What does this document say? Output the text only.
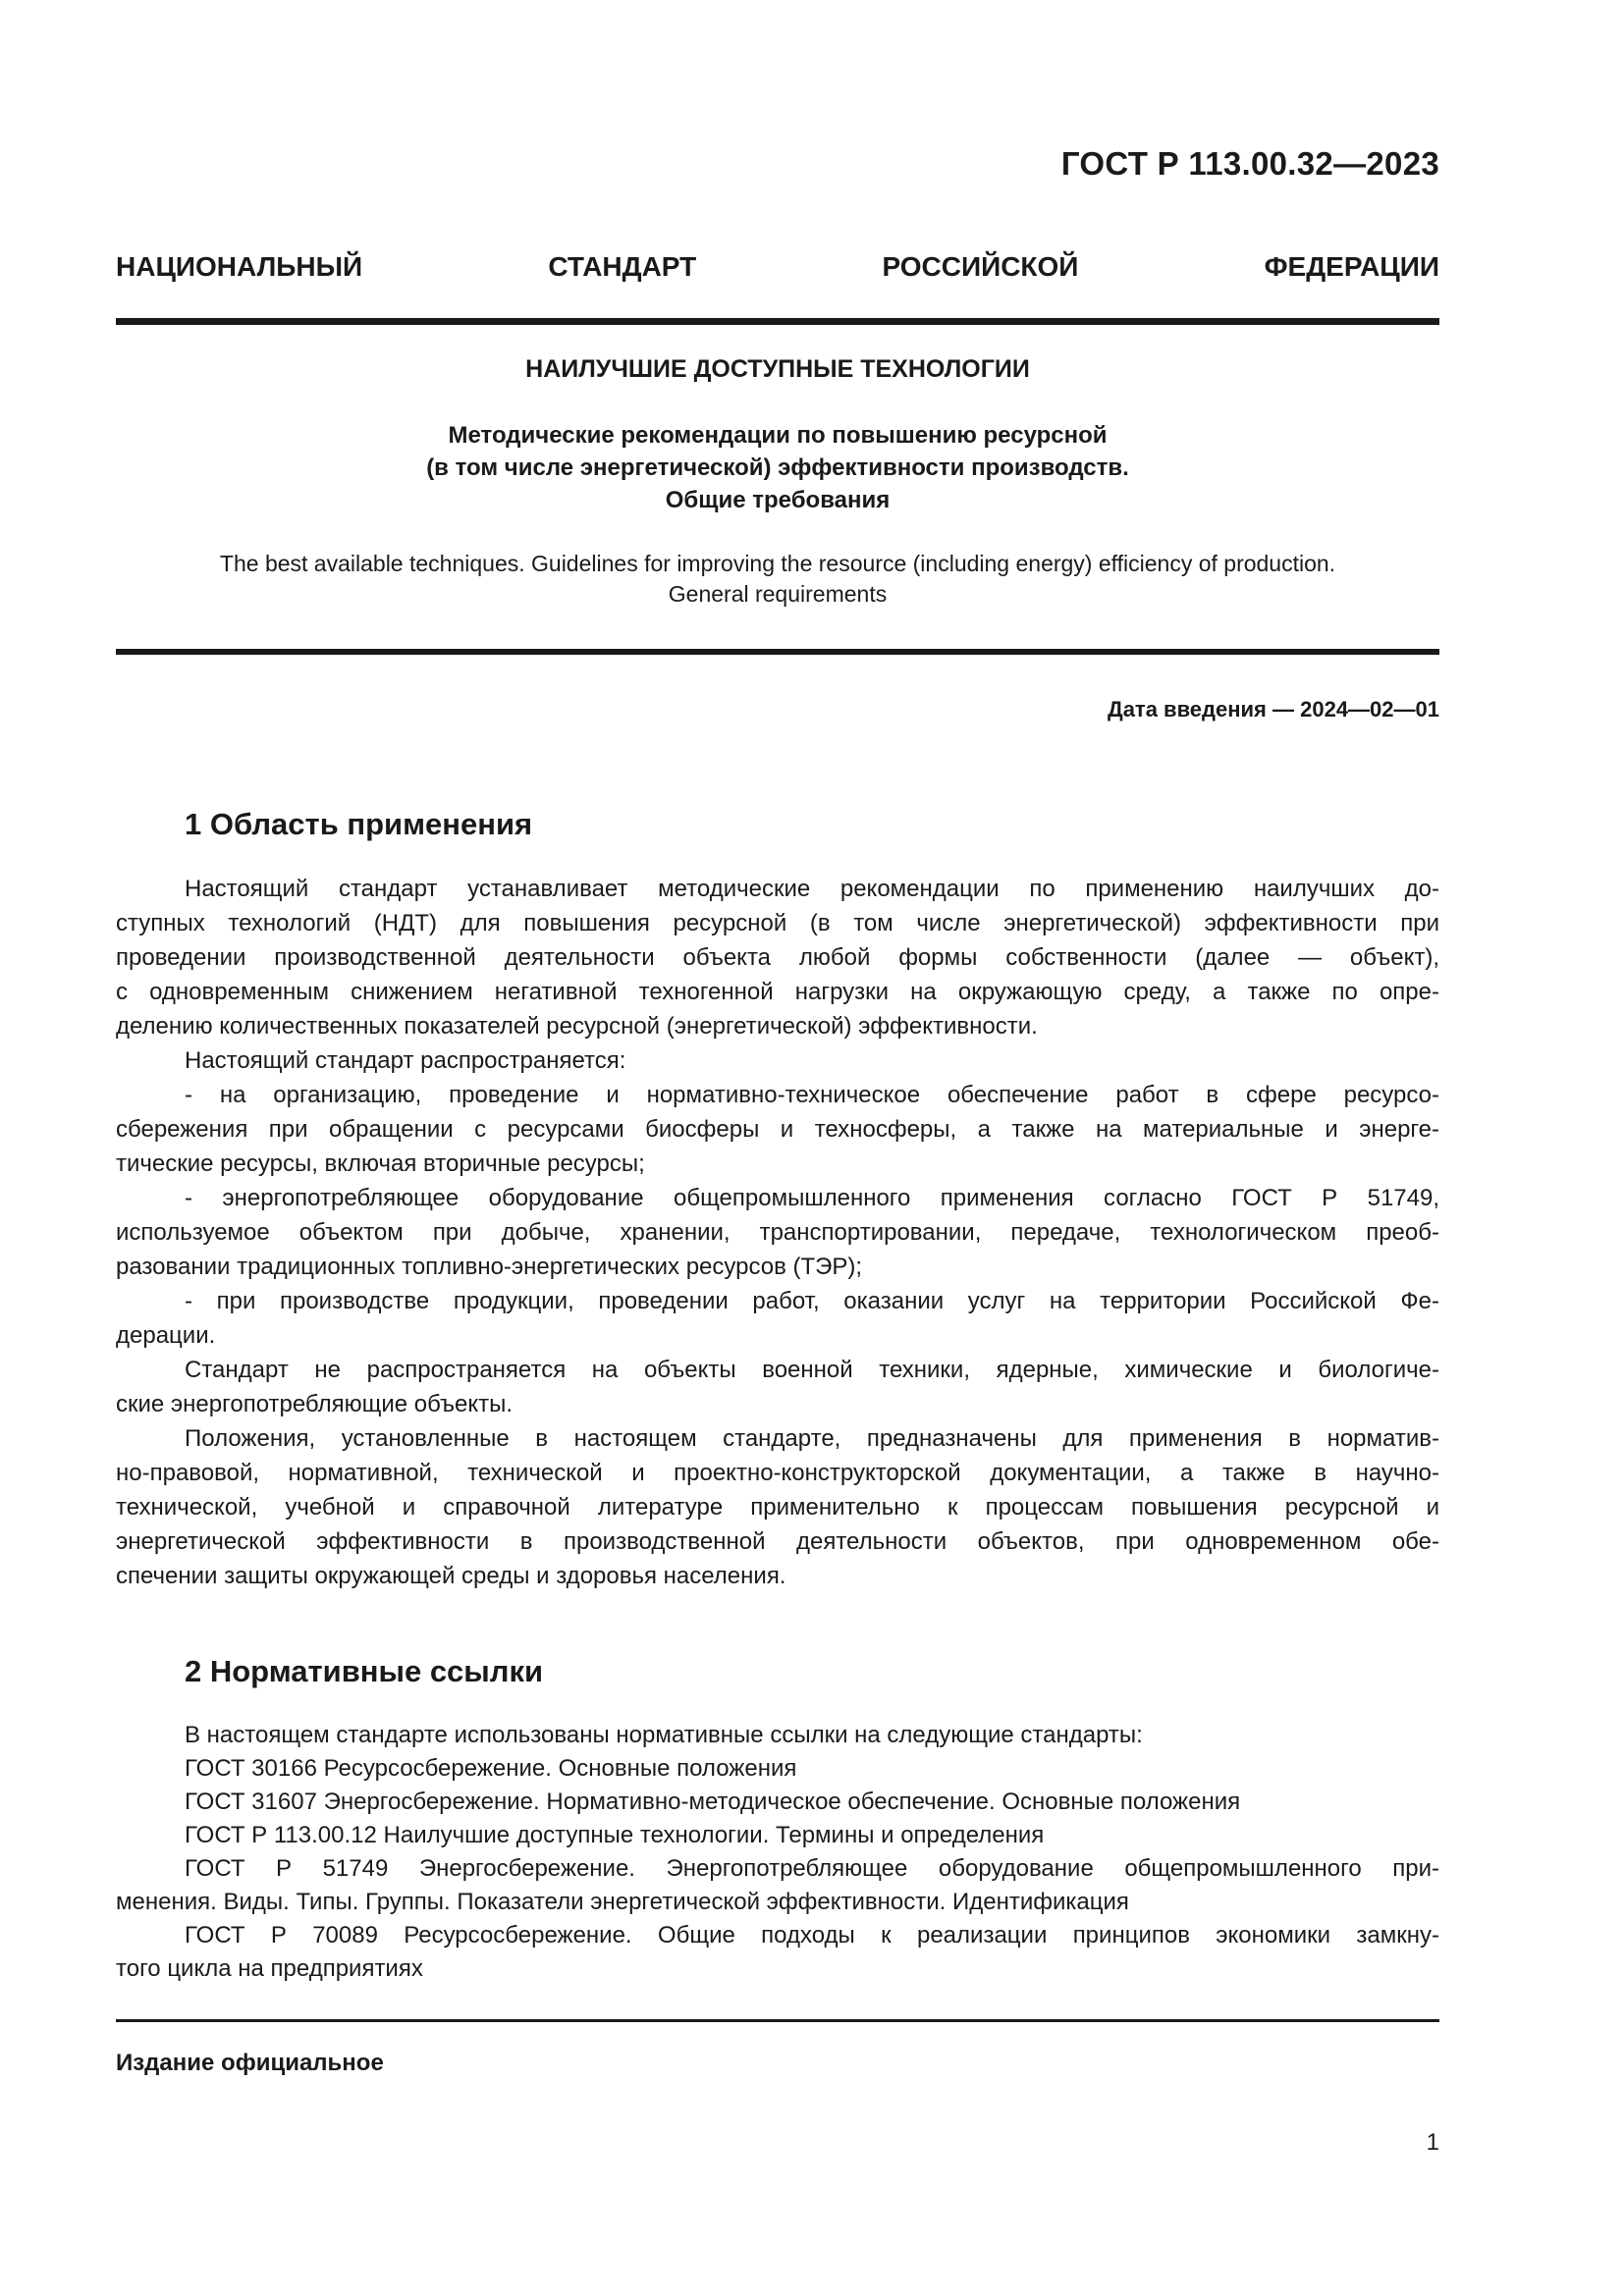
ГОСТ Р 113.00.32—2023
НАЦИОНАЛЬНЫЙ СТАНДАРТ РОССИЙСКОЙ ФЕДЕРАЦИИ
НАИЛУЧШИЕ ДОСТУПНЫЕ ТЕХНОЛОГИИ
Методические рекомендации по повышению ресурсной
(в том числе энергетической) эффективности производств.
Общие требования
The best available techniques. Guidelines for improving the resource (including energy) efficiency of production.
General requirements
Дата введения — 2024—02—01
1 Область применения
Настоящий стандарт устанавливает методические рекомендации по применению наилучших до-
ступных технологий (НДТ) для повышения ресурсной (в том числе энергетической) эффективности при
проведении производственной деятельности объекта любой формы собственности (далее — объект),
с одновременным снижением негативной техногенной нагрузки на окружающую среду, а также по опре-
делению количественных показателей ресурсной (энергетической) эффективности.
Настоящий стандарт распространяется:
- на организацию, проведение и нормативно-техническое обеспечение работ в сфере ресурсо-
сбережения при обращении с ресурсами биосферы и техносферы, а также на материальные и энерге-
тические ресурсы, включая вторичные ресурсы;
- энергопотребляющее оборудование общепромышленного применения согласно ГОСТ Р 51749,
используемое объектом при добыче, хранении, транспортировании, передаче, технологическом преоб-
разовании традиционных топливно-энергетических ресурсов (ТЭР);
- при производстве продукции, проведении работ, оказании услуг на территории Российской Фе-
дерации.
Стандарт не распространяется на объекты военной техники, ядерные, химические и биологиче-
ские энергопотребляющие объекты.
Положения, установленные в настоящем стандарте, предназначены для применения в норматив-
но-правовой, нормативной, технической и проектно-конструкторской документации, а также в научно-
технической, учебной и справочной литературе применительно к процессам повышения ресурсной и
энергетической эффективности в производственной деятельности объектов, при одновременном обе-
спечении защиты окружающей среды и здоровья населения.
2 Нормативные ссылки
В настоящем стандарте использованы нормативные ссылки на следующие стандарты:
ГОСТ 30166 Ресурсосбережение. Основные положения
ГОСТ 31607 Энергосбережение. Нормативно-методическое обеспечение. Основные положения
ГОСТ Р 113.00.12 Наилучшие доступные технологии. Термины и определения
ГОСТ Р 51749 Энергосбережение. Энергопотребляющее оборудование общепромышленного при-
менения. Виды. Типы. Группы. Показатели энергетической эффективности. Идентификация
ГОСТ Р 70089 Ресурсосбережение. Общие подходы к реализации принципов экономики замкну-
того цикла на предприятиях
Издание официальное
1
